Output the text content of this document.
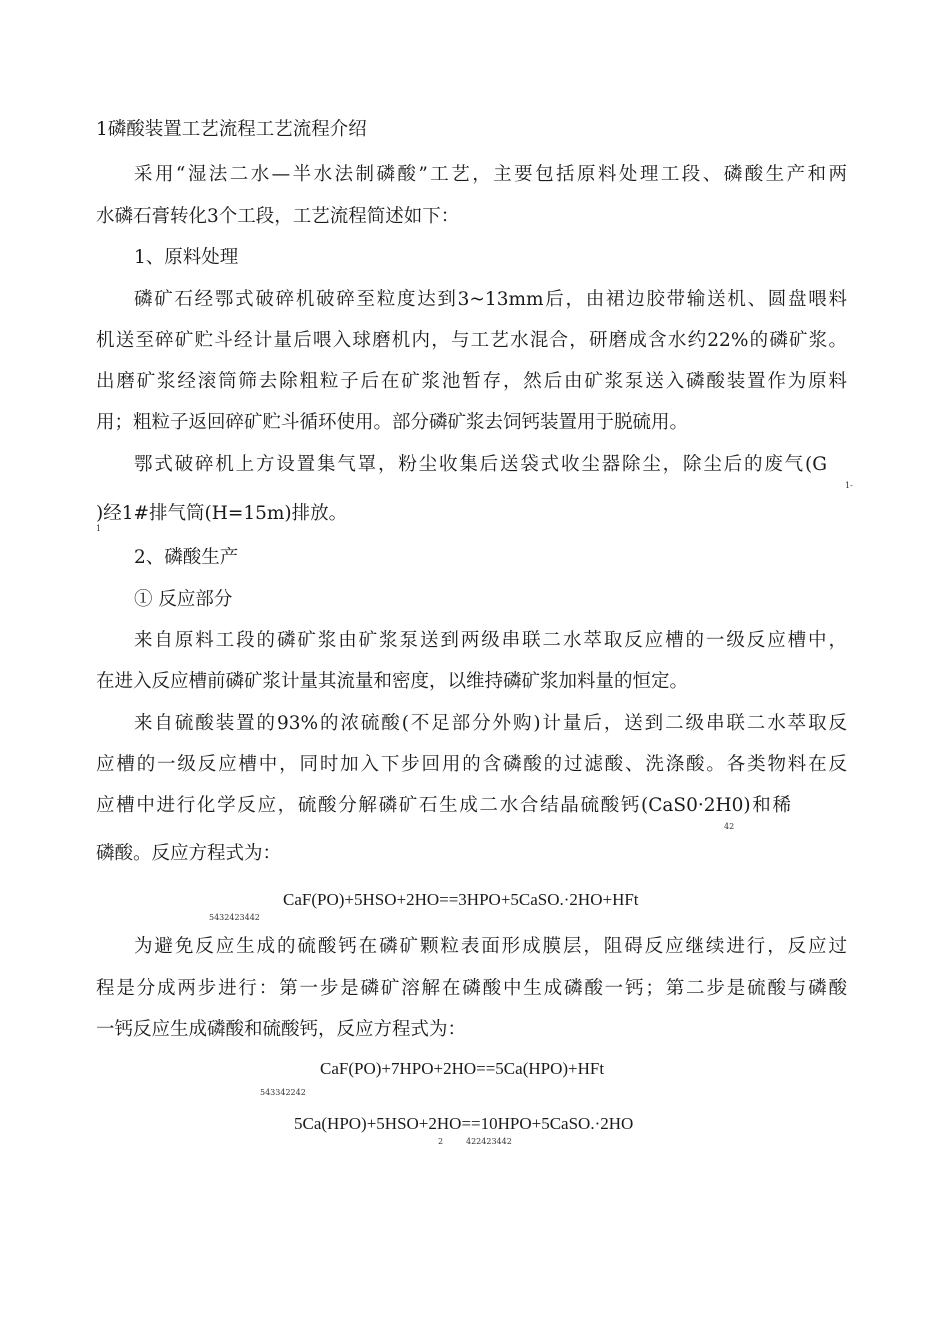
1磷酸装置工艺流程工艺流程介绍
采用“湿法二水—半水法制磷酸”工艺，主要包括原料处理工段、磷酸生产和两
水磷石膏转化3个工段，工艺流程简述如下：
1、原料处理
磷矿石经鄂式破碎机破碎至粒度达到3~13mm后，由裙边胶带输送机、圆盘喂料
机送至碎矿贮斗经计量后喂入球磨机内，与工艺水混合，研磨成含水约22%的磷矿浆。
出磨矿浆经滚筒筛去除粗粒子后在矿浆池暂存，然后由矿浆泵送入磷酸装置作为原料
用；粗粒子返回碎矿贮斗循环使用。部分磷矿浆去饲钙装置用于脱硫用。
鄂式破碎机上方设置集气罩，粉尘收集后送袋式收尘器除尘，除尘后的废气(G
1-
)经1#排气筒(H=15m)排放。
1
2、磷酸生产
① 反应部分
来自原料工段的磷矿浆由矿浆泵送到两级串联二水萃取反应槽的一级反应槽中，
在进入反应槽前磷矿浆计量其流量和密度，以维持磷矿浆加料量的恒定。
来自硫酸装置的93%的浓硫酸(不足部分外购)计量后，送到二级串联二水萃取反
应槽的一级反应槽中，同时加入下步回用的含磷酸的过滤酸、洗涤酸。各类物料在反
应槽中进行化学反应，硫酸分解磷矿石生成二水合结晶硫酸钙(CaS0·2H0)和稀
42
磷酸。反应方程式为：
CaF(PO)+5HSO+2HO==3HPO+5CaSO.·2HO+HFt
5432423442
为避免反应生成的硫酸钙在磷矿颗粒表面形成膜层，阻碍反应继续进行，反应过
程是分成两步进行：第一步是磷矿溶解在磷酸中生成磷酸一钙；第二步是硫酸与磷酸
一钙反应生成磷酸和硫酸钙，反应方程式为：
CaF(PO)+7HPO+2HO==5Ca(HPO)+HFt
543342242
5Ca(HPO)+5HSO+2HO==10HPO+5CaSO.·2HO
2	422423442
